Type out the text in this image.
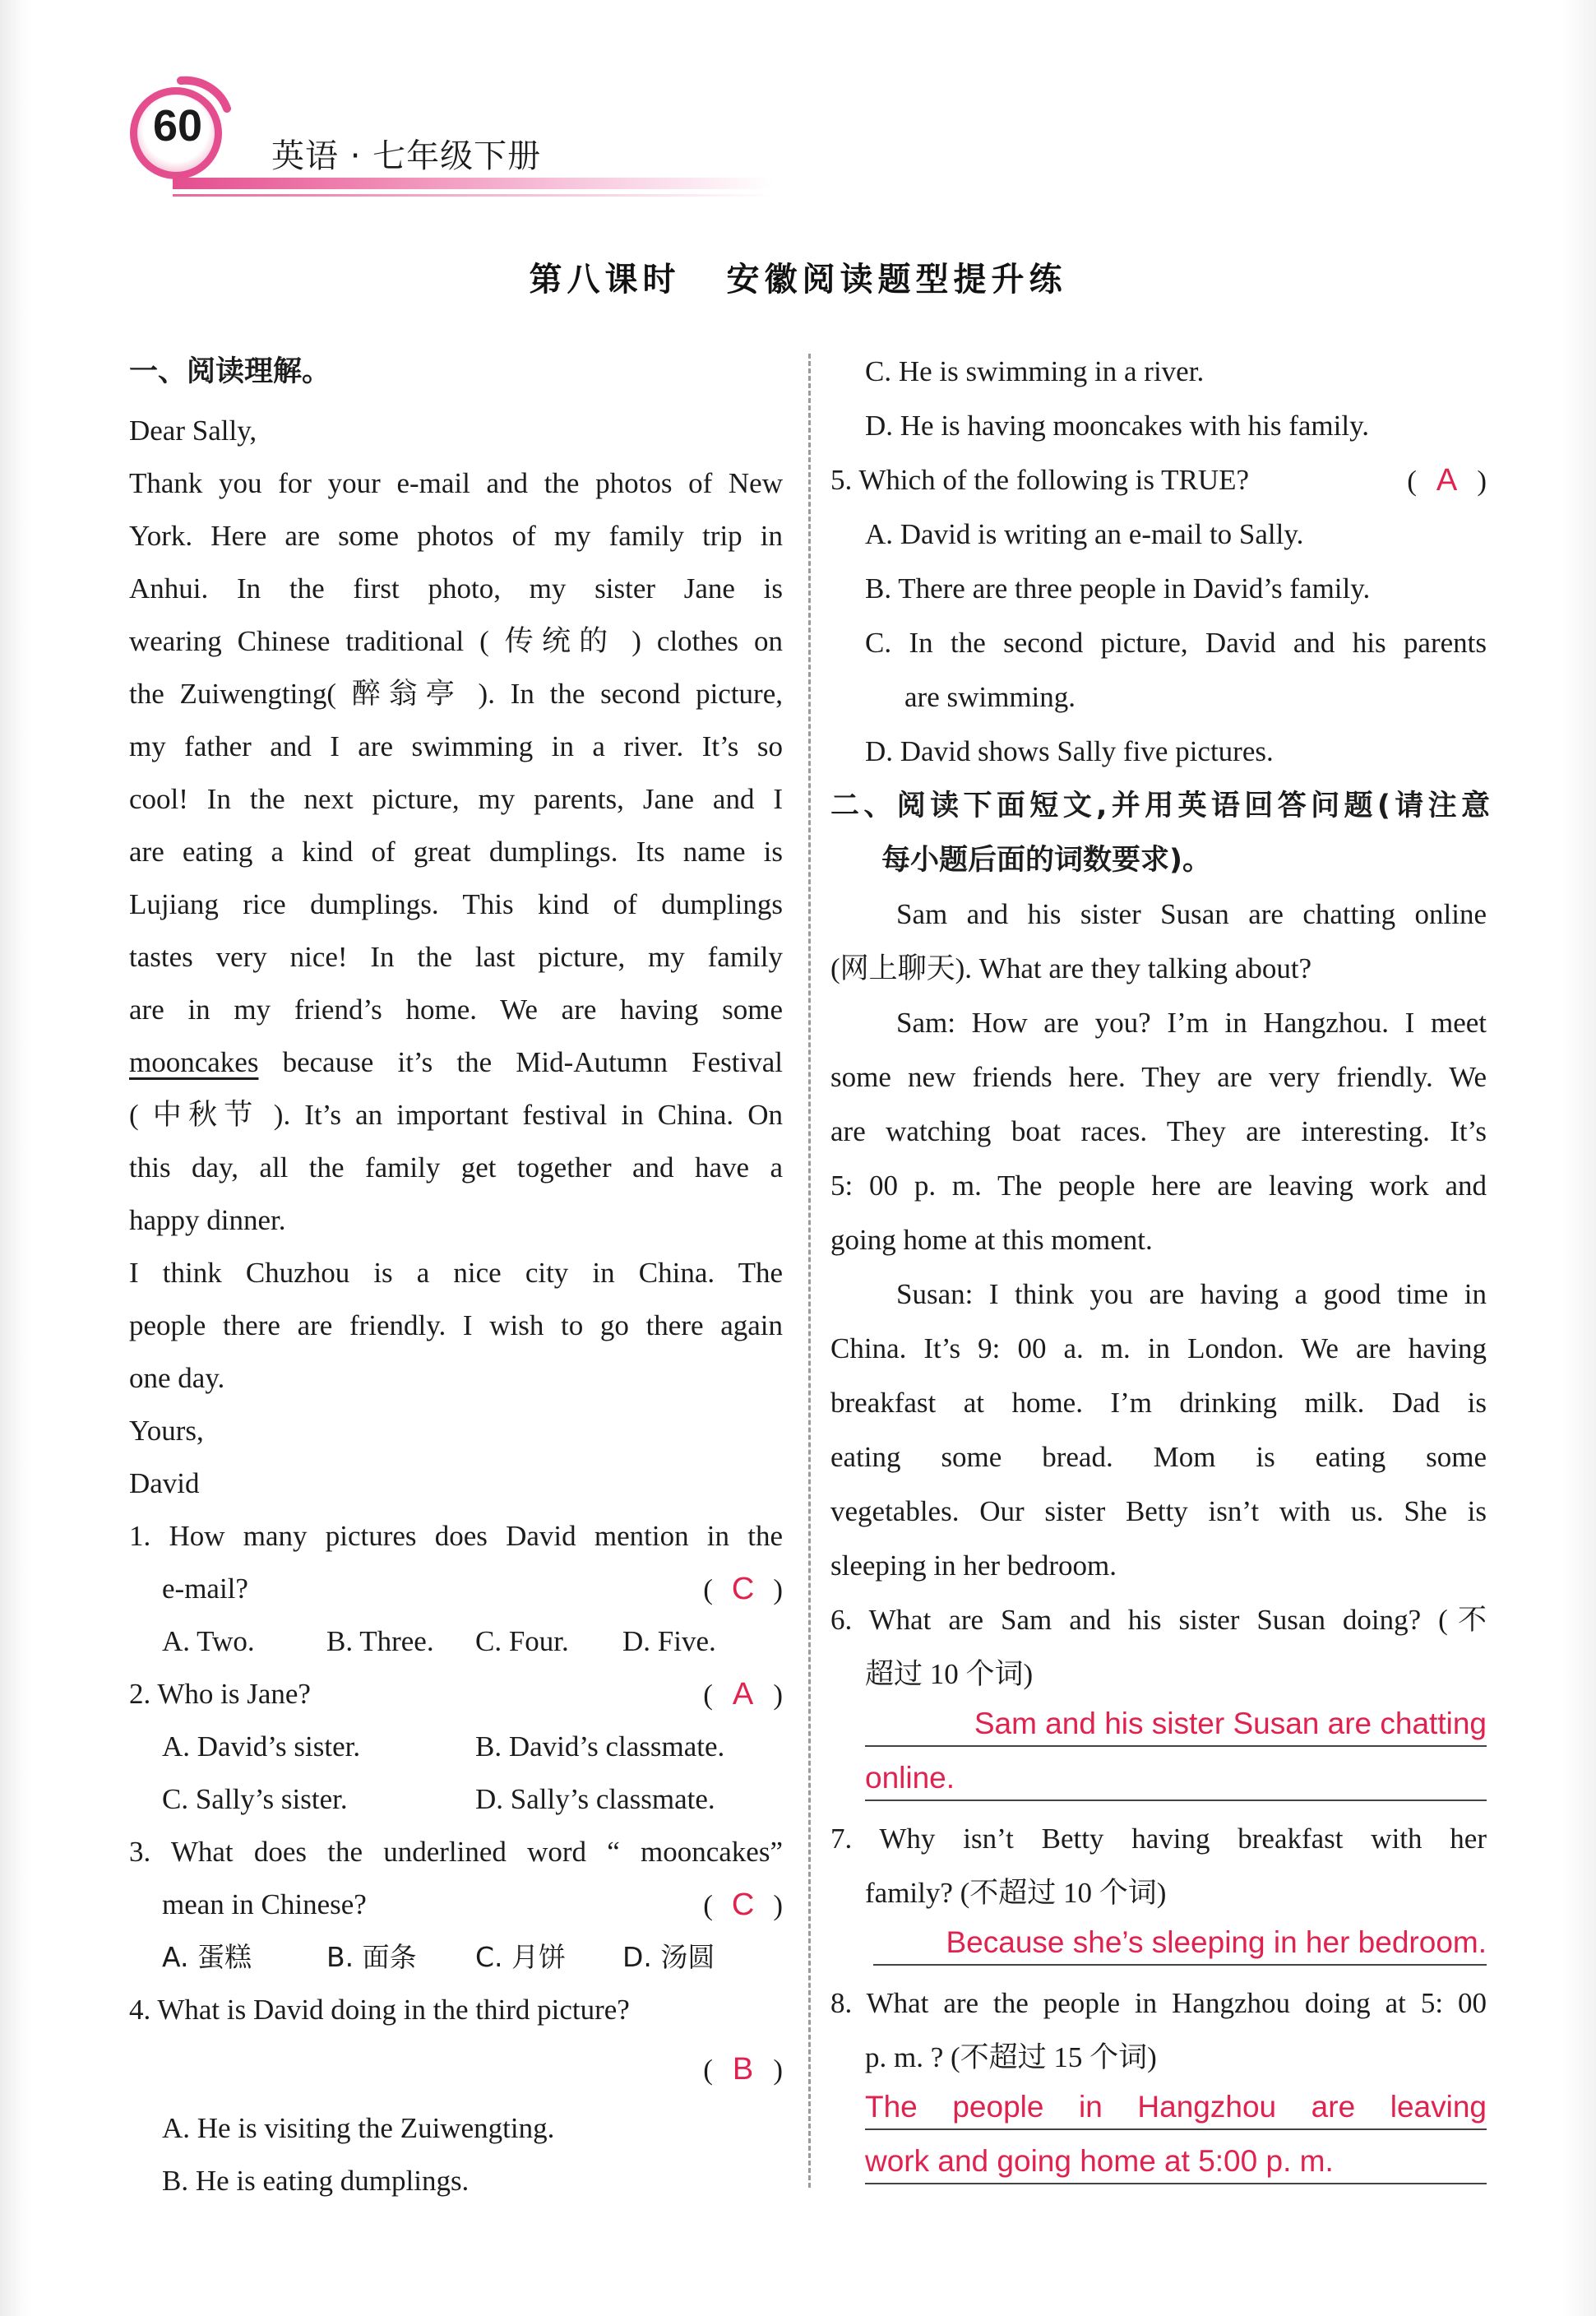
60
英语 · 七年级下册
第八课时 安徽阅读题型提升练
一、阅读理解。
Dear Sally,
Thank you for your e-mail and the photos of New
York. Here are some photos of my family trip in
Anhui. In the first photo, my sister Jane is
wearing Chinese traditional ( 传统的 ) clothes on
the Zuiwengting( 醉翁亭 ). In the second picture,
my father and I are swimming in a river. It’s so
cool! In the next picture, my parents, Jane and I
are eating a kind of great dumplings. Its name is
Lujiang rice dumplings. This kind of dumplings
tastes very nice! In the last picture, my family
are in my friend’s home. We are having some
mooncakes because it’s the Mid-Autumn Festival
( 中秋节 ). It’s an important festival in China. On
this day, all the family get together and have a
happy dinner.
I think Chuzhou is a nice city in China. The
people there are friendly. I wish to go there again
one day.
Yours,
David
1. How many pictures does David mention in the
e-mail?	( C )
A. Two. B. Three. C. Four. D. Five.
2. Who is Jane?	( A )
A. David’s sister.	B. David’s classmate.
C. Sally’s sister.	D. Sally’s classmate.
3. What does the underlined word “ mooncakes”
mean in Chinese?	( C )
A. 蛋糕	B. 面条 C. 月饼 D. 汤圆
4. What is David doing in the third picture?
( B )
A. He is visiting the Zuiwengting.
B. He is eating dumplings.
C. He is swimming in a river.
D. He is having mooncakes with his family.
5. Which of the following is TRUE?	( A )
A. David is writing an e-mail to Sally.
B. There are three people in David’s family.
C. In the second picture, David and his parents
are swimming.
D. David shows Sally five pictures.
二、阅读下面短文,并用英语回答问题(请注意
每小题后面的词数要求)。
Sam and his sister Susan are chatting online
(网上聊天). What are they talking about?
Sam: How are you? I’m in Hangzhou. I meet
some new friends here. They are very friendly. We
are watching boat races. They are interesting. It’s
5: 00 p. m. The people here are leaving work and
going home at this moment.
Susan: I think you are having a good time in
China. It’s 9: 00 a. m. in London. We are having
breakfast at home. I’m drinking milk. Dad is
eating some bread. Mom is eating some
vegetables. Our sister Betty isn’t with us. She is
sleeping in her bedroom.
6. What are Sam and his sister Susan doing? (不
超过 10 个词)
Sam and his sister Susan are chatting
online.
7. Why isn’t Betty having breakfast with her
family? (不超过 10 个词)
Because she’s sleeping in her bedroom.
8. What are the people in Hangzhou doing at 5: 00
p. m. ? (不超过 15 个词)
The people in Hangzhou are leaving
work and going home at 5:00 p. m.
